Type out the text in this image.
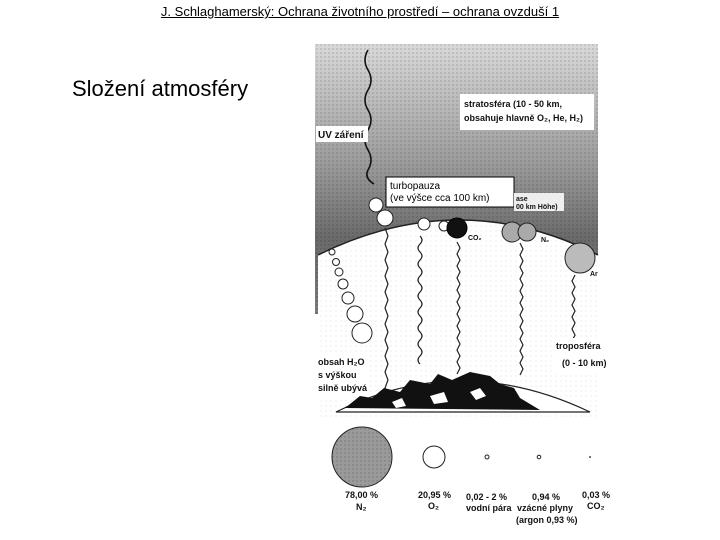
J. Schlaghamerský: Ochrana životního prostředí – ochrana ovzduší 1
Složení atmosféry
stratosféra (10 - 50 km,
obsahuje hlavně O₂, He, H₂)
UV záření
turbopauza
(ve výšce cca 100 km)	ase
00 km Höhe)
CO₂	N₂
Ar
troposféra
(0 - 10 km)
obsah H₂O
s výškou
silně ubývá
78,00 %
N₂
20,95 %
O₂
0,02 - 2 %
vodní pára
0,94 %
vzácné plyny
(argon 0,93 %)
0,03 %
CO₂
